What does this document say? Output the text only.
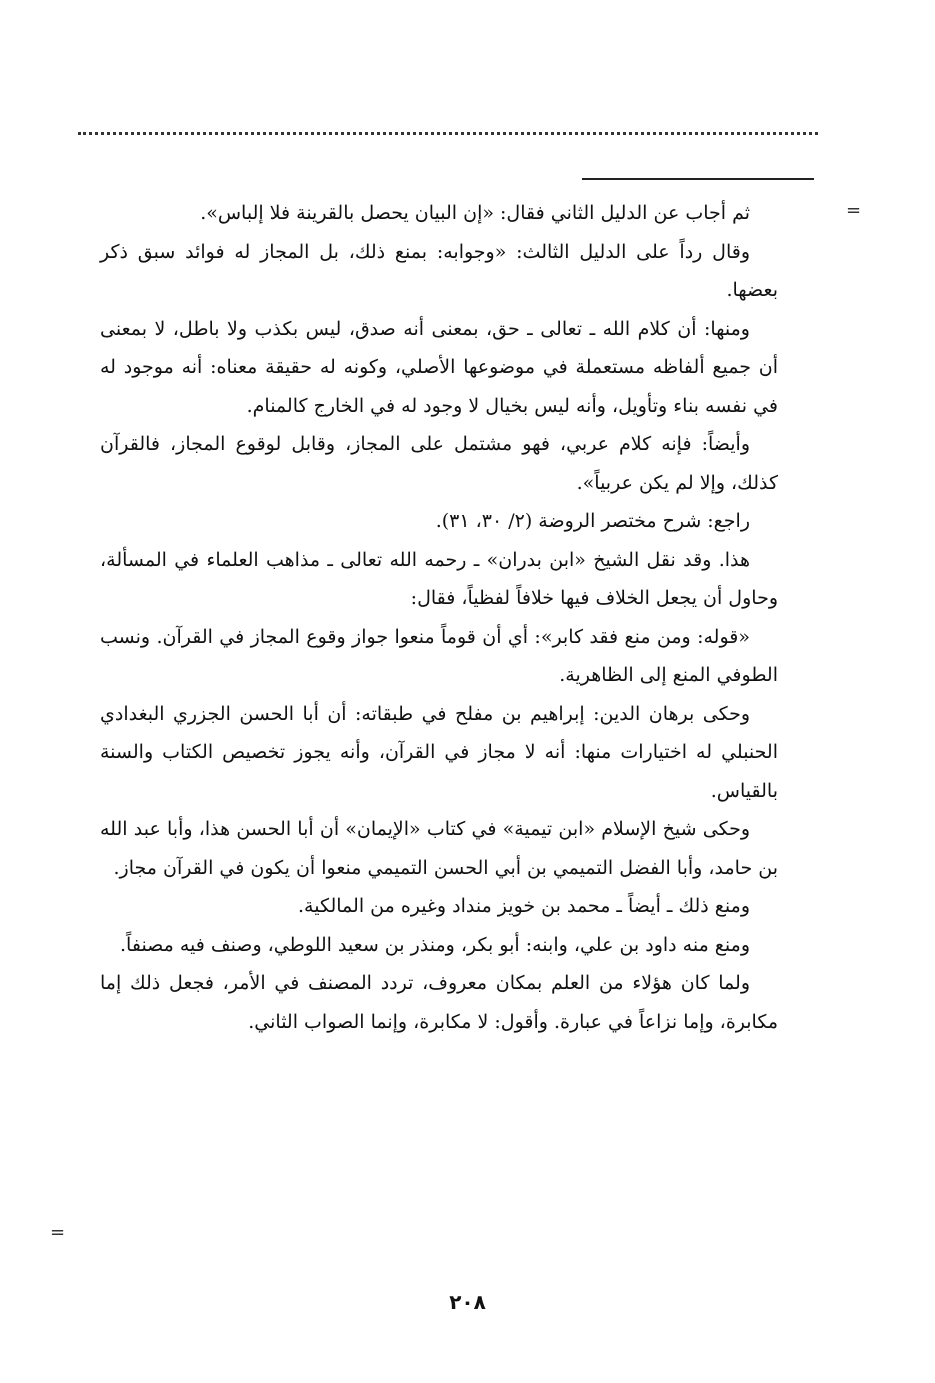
=
=

ثم أجاب عن الدليل الثاني فقال: «إن البيان يحصل بالقرينة فلا إلباس».

وقال رداً على الدليل الثالث: «وجوابه: بمنع ذلك، بل المجاز له فوائد سبق ذكر بعضها.

ومنها: أن كلام الله ـ تعالى ـ حق، بمعنى أنه صدق، ليس بكذب ولا باطل، لا بمعنى أن جميع ألفاظه مستعملة في موضوعها الأصلي، وكونه له حقيقة معناه: أنه موجود له في نفسه بناء وتأويل، وأنه ليس بخيال لا وجود له في الخارج كالمنام.

وأيضاً: فإنه كلام عربي، فهو مشتمل على المجاز، وقابل لوقوع المجاز، فالقرآن كذلك، وإلا لم يكن عربياً».

راجع: شرح مختصر الروضة (٢/ ٣٠، ٣١).

هذا. وقد نقل الشيخ «ابن بدران» ـ رحمه الله تعالى ـ مذاهب العلماء في المسألة، وحاول أن يجعل الخلاف فيها خلافاً لفظياً، فقال:

«قوله: ومن منع فقد كابر»: أي أن قوماً منعوا جواز وقوع المجاز في القرآن. ونسب الطوفي المنع إلى الظاهرية.

وحكى برهان الدين: إبراهيم بن مفلح في طبقاته: أن أبا الحسن الجزري البغدادي الحنبلي له اختيارات منها: أنه لا مجاز في القرآن، وأنه يجوز تخصيص الكتاب والسنة بالقياس.

وحكى شيخ الإسلام «ابن تيمية» في كتاب «الإيمان» أن أبا الحسن هذا، وأبا عبد الله بن حامد، وأبا الفضل التميمي بن أبي الحسن التميمي منعوا أن يكون في القرآن مجاز.

ومنع ذلك ـ أيضاً ـ محمد بن خويز منداد وغيره من المالكية.

ومنع منه داود بن علي، وابنه: أبو بكر، ومنذر بن سعيد اللوطي، وصنف فيه مصنفاً.

ولما كان هؤلاء من العلم بمكان معروف، تردد المصنف في الأمر، فجعل ذلك إما مكابرة، وإما نزاعاً في عبارة. وأقول: لا مكابرة، وإنما الصواب الثاني.

٢٠٨
